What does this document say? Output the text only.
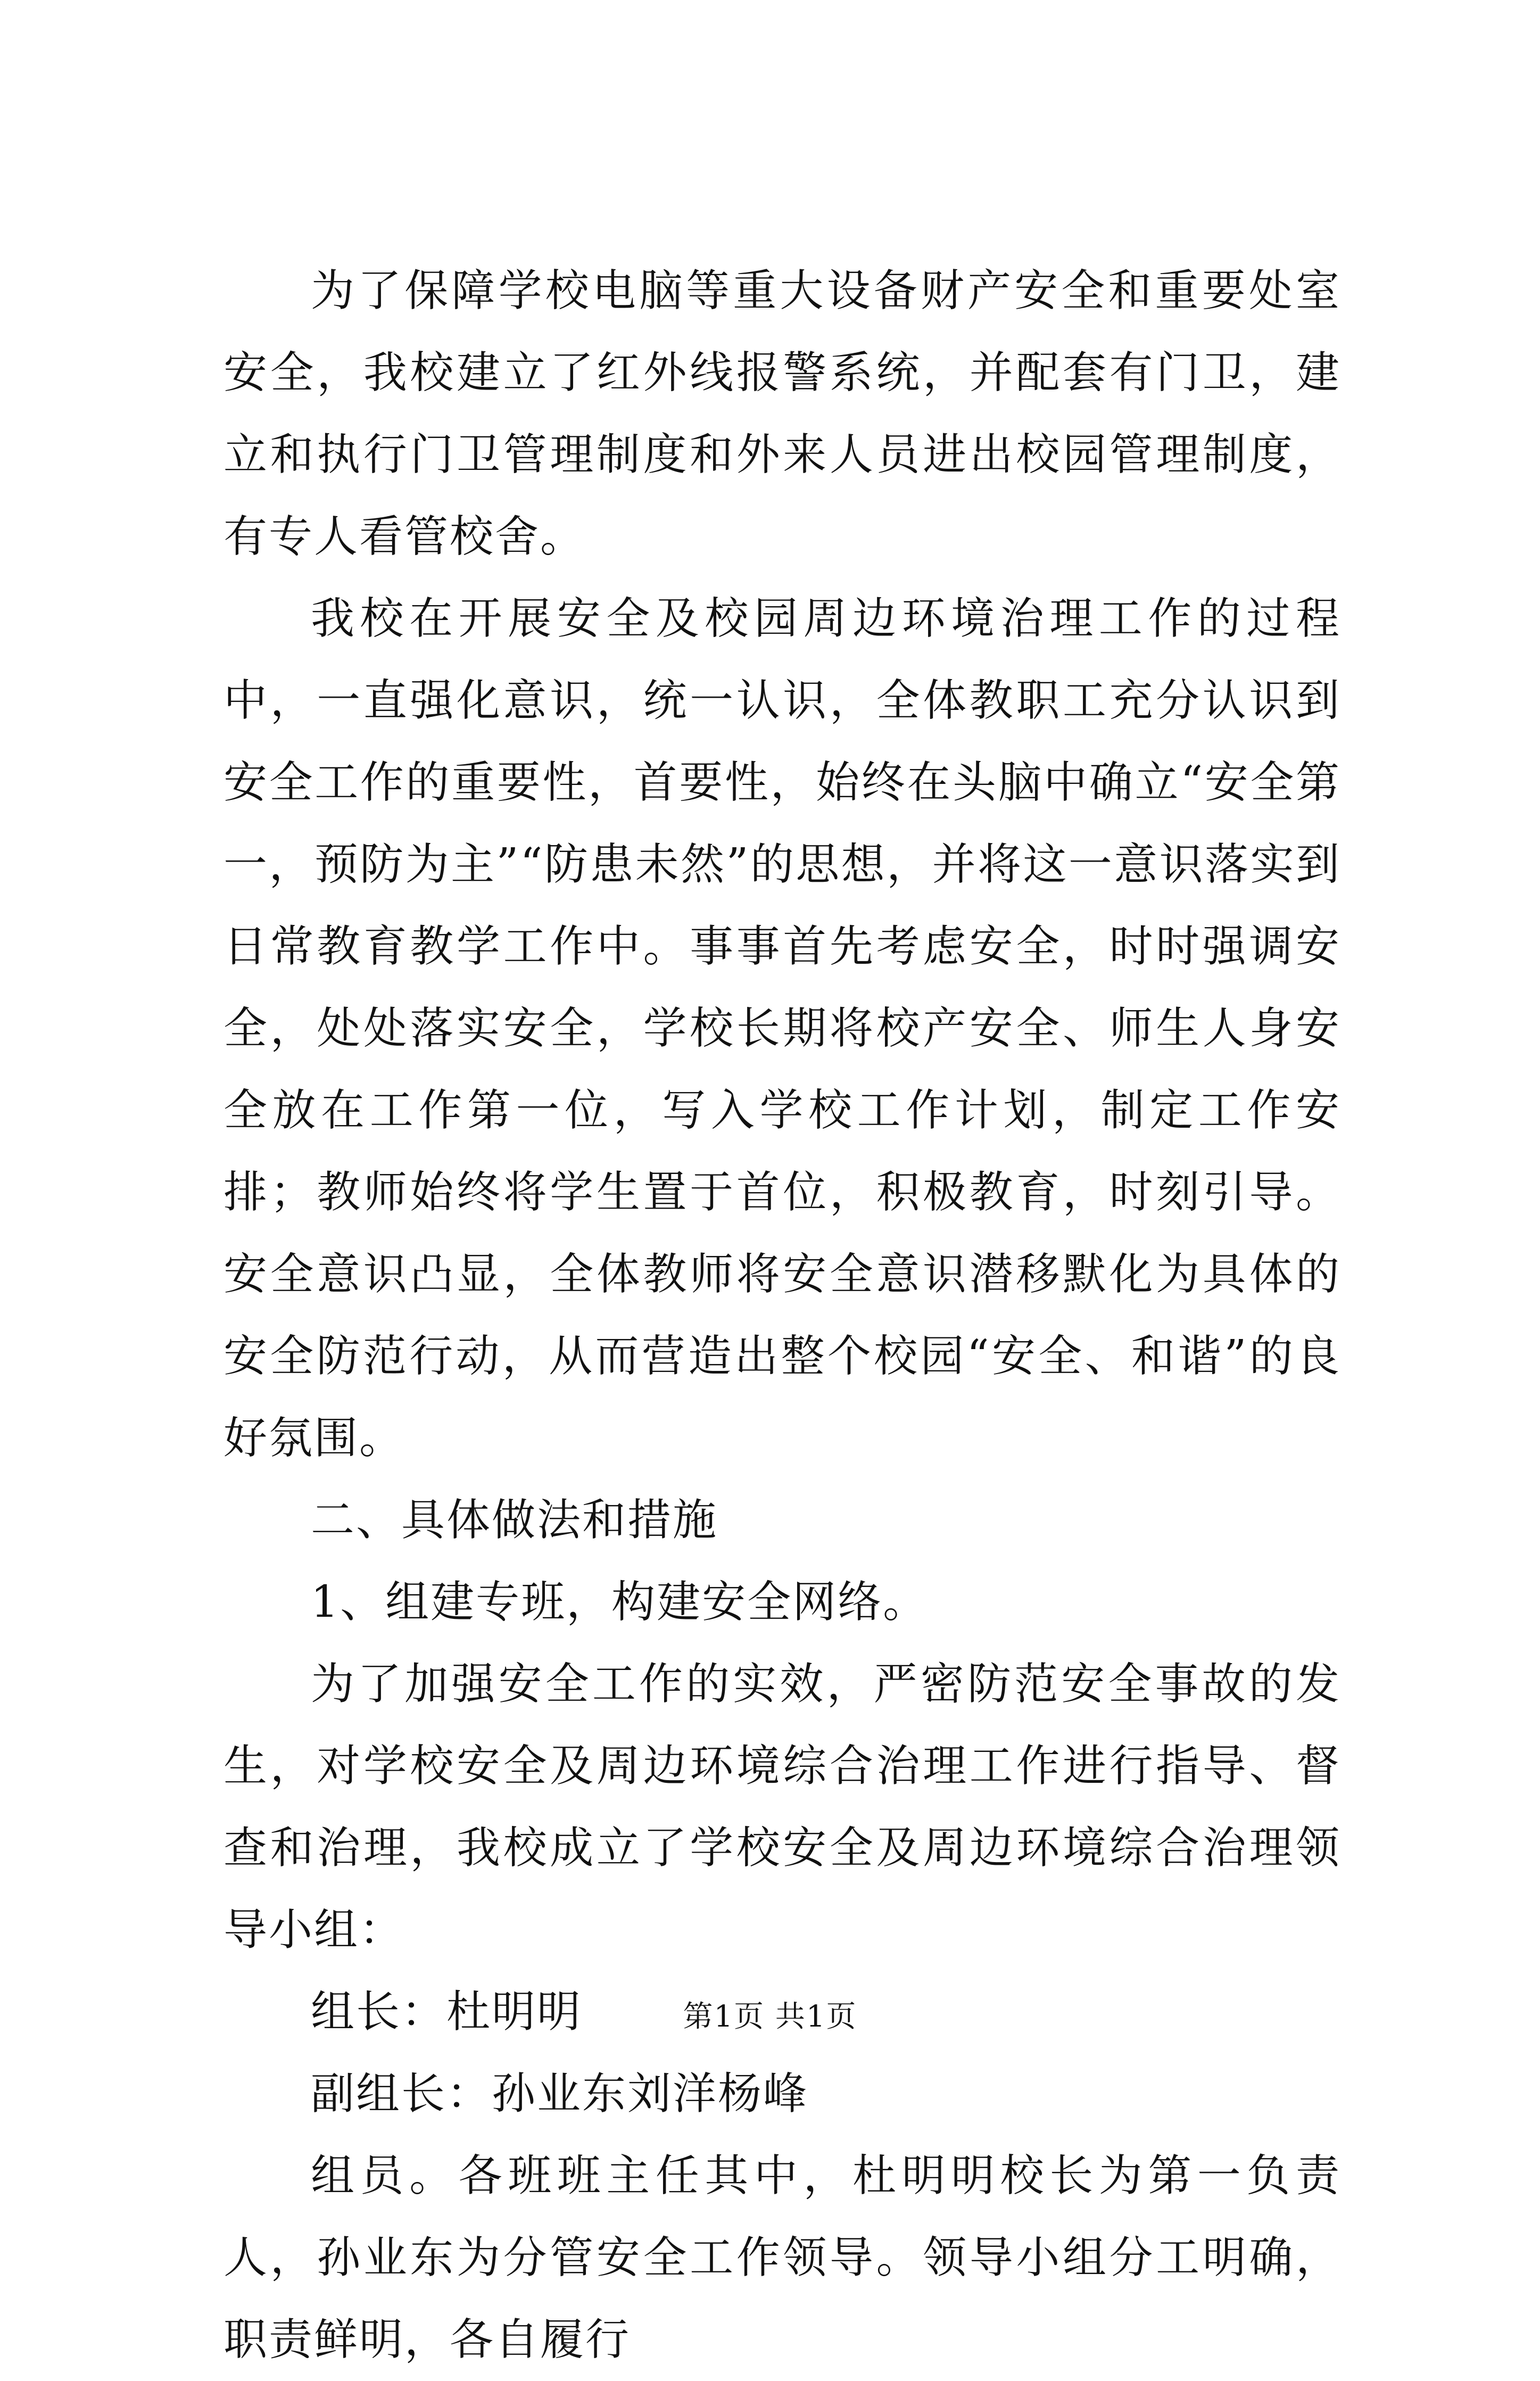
为了保障学校电脑等重大设备财产安全和重要处室安全，我校建立了红外线报警系统，并配套有门卫，建立和执行门卫管理制度和外来人员进出校园管理制度，有专人看管校舍。

我校在开展安全及校园周边环境治理工作的过程中，一直强化意识，统一认识，全体教职工充分认识到安全工作的重要性，首要性，始终在头脑中确立“安全第一，预防为主”“防患未然”的思想，并将这一意识落实到日常教育教学工作中。事事首先考虑安全，时时强调安全，处处落实安全，学校长期将校产安全、师生人身安全放在工作第一位，写入学校工作计划，制定工作安排；教师始终将学生置于首位，积极教育，时刻引导。安全意识凸显，全体教师将安全意识潜移默化为具体的安全防范行动，从而营造出整个校园“安全、和谐”的良好氛围。

二、具体做法和措施

1、组建专班，构建安全网络。

为了加强安全工作的实效，严密防范安全事故的发生，对学校安全及周边环境综合治理工作进行指导、督查和治理，我校成立了学校安全及周边环境综合治理领导小组：

组长：杜明明

副组长：孙业东刘洋杨峰

组员。各班班主任其中，杜明明校长为第一负责人，孙业东为分管安全工作领导。领导小组分工明确，职责鲜明，各自履行

第1页 共1页
